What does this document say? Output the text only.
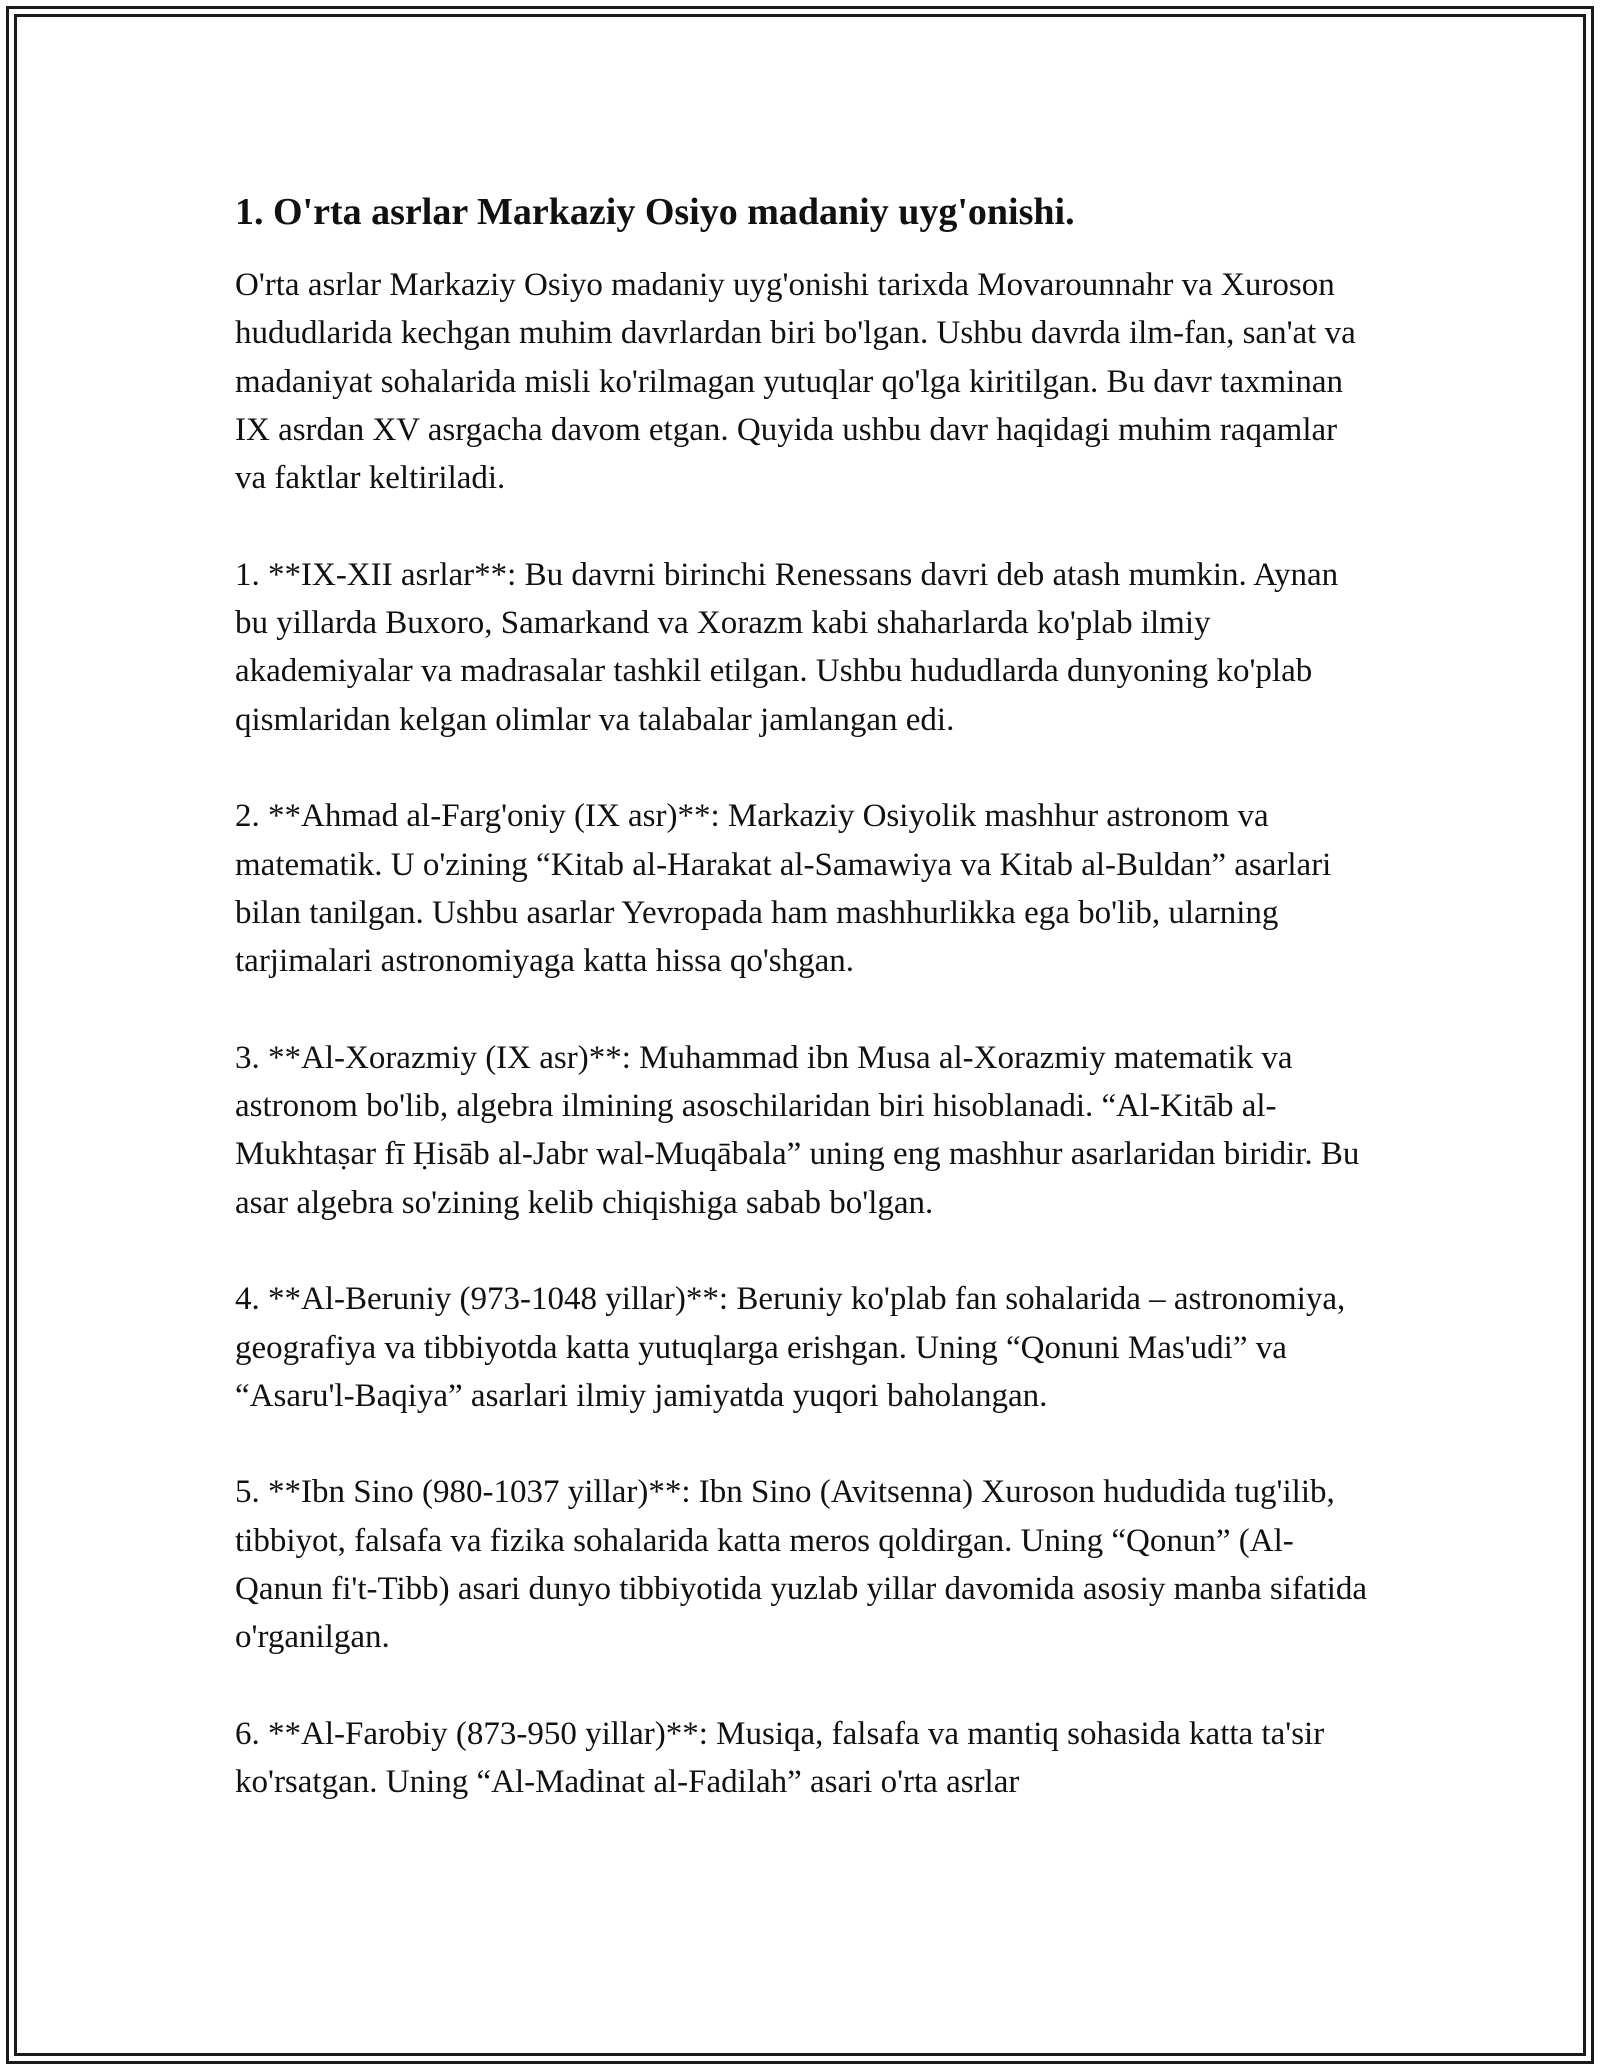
1. O'rta asrlar Markaziy Osiyo madaniy uyg'onishi.

O'rta asrlar Markaziy Osiyo madaniy uyg'onishi tarixda Movarounnahr va Xuroson hududlarida kechgan muhim davrlardan biri bo'lgan. Ushbu davrda ilm-fan, san'at va madaniyat sohalarida misli ko'rilmagan yutuqlar qo'lga kiritilgan. Bu davr taxminan IX asrdan XV asrgacha davom etgan. Quyida ushbu davr haqidagi muhim raqamlar va faktlar keltiriladi.

1. **IX-XII asrlar**: Bu davrni birinchi Renessans davri deb atash mumkin. Aynan bu yillarda Buxoro, Samarkand va Xorazm kabi shaharlarda ko'plab ilmiy akademiyalar va madrasalar tashkil etilgan. Ushbu hududlarda dunyoning ko'plab qismlaridan kelgan olimlar va talabalar jamlangan edi.

2. **Ahmad al-Farg'oniy (IX asr)**: Markaziy Osiyolik mashhur astronom va matematik. U o'zining “Kitab al-Harakat al-Samawiya va Kitab al-Buldan” asarlari bilan tanilgan. Ushbu asarlar Yevropada ham mashhurlikka ega bo'lib, ularning tarjimalari astronomiyaga katta hissa qo'shgan.

3. **Al-Xorazmiy (IX asr)**: Muhammad ibn Musa al-Xorazmiy matematik va astronom bo'lib, algebra ilmining asoschilaridan biri hisoblanadi. “Al-Kitāb al-Mukhtaṣar fī Ḥisāb al-Jabr wal-Muqābala” uning eng mashhur asarlaridan biridir. Bu asar algebra so'zining kelib chiqishiga sabab bo'lgan.

4. **Al-Beruniy (973-1048 yillar)**: Beruniy ko'plab fan sohalarida – astronomiya, geografiya va tibbiyotda katta yutuqlarga erishgan. Uning “Qonuni Mas'udi” va “Asaru'l-Baqiya” asarlari ilmiy jamiyatda yuqori baholangan.

5. **Ibn Sino (980-1037 yillar)**: Ibn Sino (Avitsenna) Xuroson hududida tug'ilib, tibbiyot, falsafa va fizika sohalarida katta meros qoldirgan. Uning “Qonun” (Al-Qanun fi't-Tibb) asari dunyo tibbiyotida yuzlab yillar davomida asosiy manba sifatida o'rganilgan.

6. **Al-Farobiy (873-950 yillar)**: Musiqa, falsafa va mantiq sohasida katta ta'sir ko'rsatgan. Uning “Al-Madinat al-Fadilah” asari o'rta asrlar
